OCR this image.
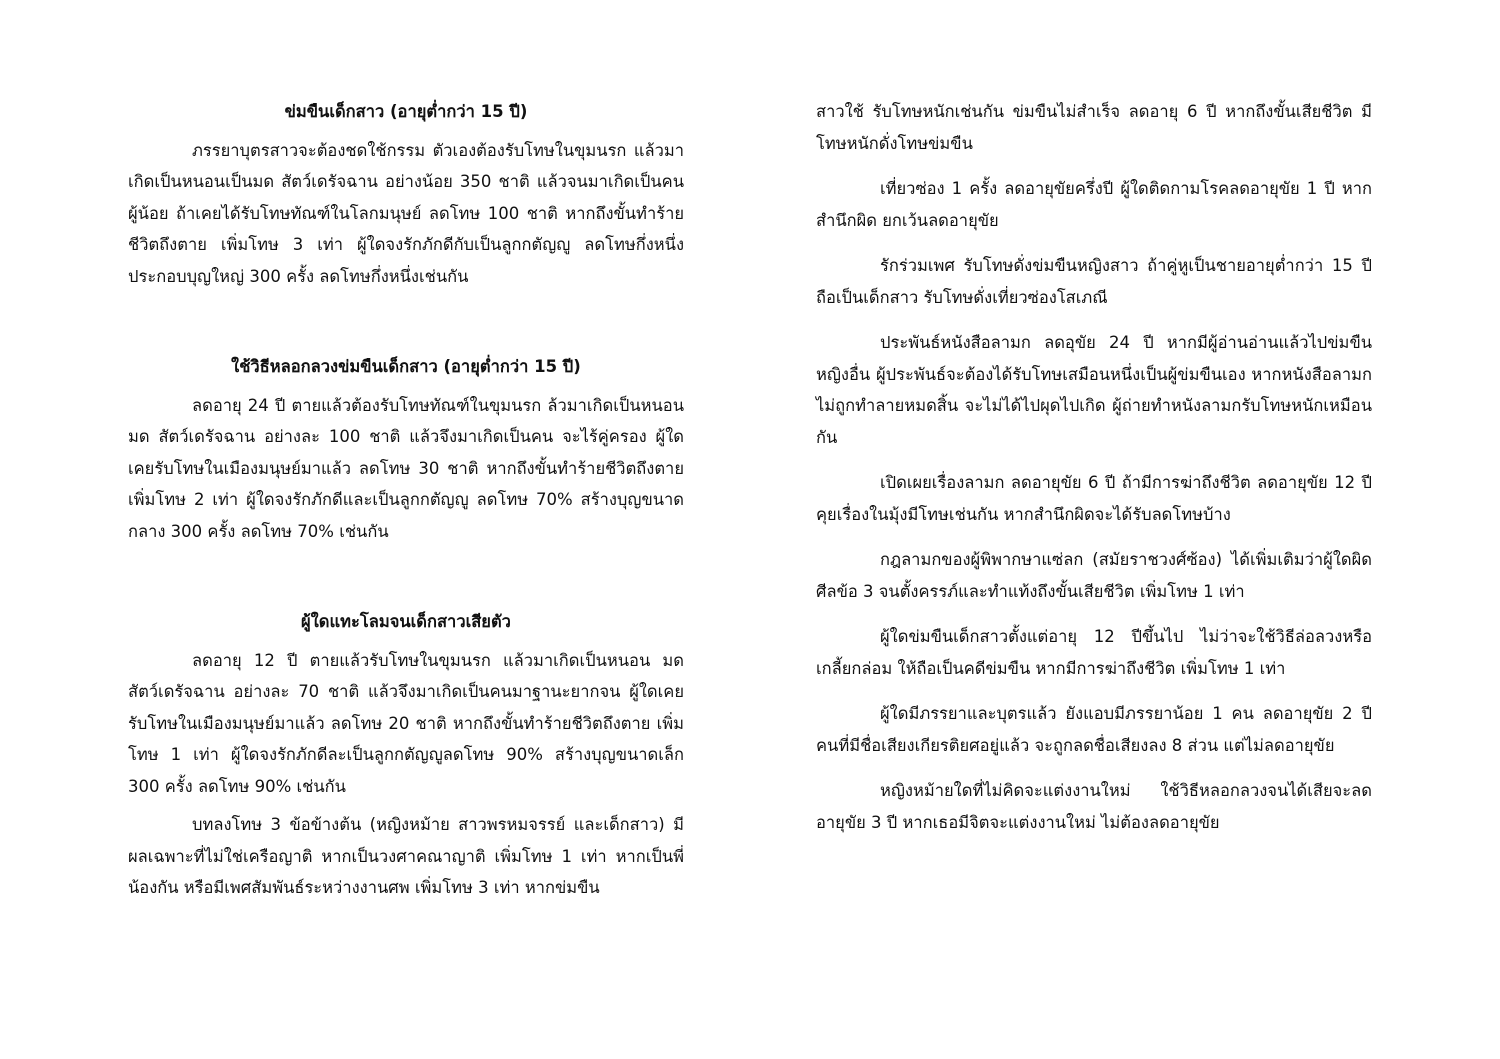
ข่มขืนเด็กสาว (อายุต่ำกว่า 15 ปี)
ภรรยาบุตรสาวจะต้องชดใช้กรรม ตัวเองต้องรับโทษในขุมนรก แล้วมาเกิดเป็นหนอนเป็นมด สัตว์เดรัจฉาน อย่างน้อย 350 ชาติ แล้วจนมาเกิดเป็นคนผู้น้อย ถ้าเคยได้รับโทษทัณฑ์ในโลกมนุษย์ ลดโทษ 100 ชาติ หากถึงขั้นทำร้ายชีวิตถึงตาย เพิ่มโทษ 3 เท่า ผู้ใดจงรักภักดีกับเป็นลูกกตัญญู ลดโทษกึ่งหนึ่ง ประกอบบุญใหญ่ 300 ครั้ง ลดโทษกึ่งหนึ่งเช่นกัน
ใช้วิธีหลอกลวงข่มขืนเด็กสาว (อายุต่ำกว่า 15 ปี)
ลดอายุ 24 ปี ตายแล้วต้องรับโทษทัณฑ์ในขุมนรก ล้วมาเกิดเป็นหนอน มด สัตว์เดรัจฉาน อย่างละ 100 ชาติ แล้วจึงมาเกิดเป็นคน จะไร้คู่ครอง ผู้ใดเคยรับโทษในเมืองมนุษย์มาแล้ว ลดโทษ 30 ชาติ หากถึงขั้นทำร้ายชีวิตถึงตาย เพิ่มโทษ 2 เท่า ผู้ใดจงรักภักดีและเป็นลูกกตัญญู ลดโทษ 70% สร้างบุญขนาดกลาง 300 ครั้ง ลดโทษ 70% เช่นกัน
ผู้ใดแทะโลมจนเด็กสาวเสียตัว
ลดอายุ 12 ปี ตายแล้วรับโทษในขุมนรก แล้วมาเกิดเป็นหนอน มด สัตว์เดรัจฉาน อย่างละ 70 ชาติ แล้วจึงมาเกิดเป็นคนมาฐานะยากจน ผู้ใดเคยรับโทษในเมืองมนุษย์มาแล้ว ลดโทษ 20 ชาติ หากถึงขั้นทำร้ายชีวิตถึงตาย เพิ่มโทษ 1 เท่า ผู้ใดจงรักภักดีละเป็นลูกกตัญญูลดโทษ 90% สร้างบุญขนาดเล็ก 300 ครั้ง ลดโทษ 90% เช่นกัน
บทลงโทษ 3 ข้อข้างต้น (หญิงหม้าย สาวพรหมจรรย์ และเด็กสาว) มีผลเฉพาะที่ไม่ใช่เครือญาติ หากเป็นวงศาคณาญาติ เพิ่มโทษ 1 เท่า หากเป็นพี่น้องกัน หรือมีเพศสัมพันธ์ระหว่างงานศพ เพิ่มโทษ 3 เท่า หากข่มขืน
สาวใช้ รับโทษหนักเช่นกัน ข่มขืนไม่สำเร็จ ลดอายุ 6 ปี หากถึงขั้นเสียชีวิต มีโทษหนักดั่งโทษข่มขืน
เที่ยวซ่อง 1 ครั้ง ลดอายุขัยครึ่งปี ผู้ใดติดกามโรคลดอายุขัย 1 ปี หากสำนึกผิด ยกเว้นลดอายุขัย
รักร่วมเพศ รับโทษดั่งข่มขืนหญิงสาว ถ้าคู่หูเป็นชายอายุต่ำกว่า 15 ปี ถือเป็นเด็กสาว รับโทษดั่งเที่ยวซ่องโสเภณี
ประพันธ์หนังสือลามก ลดอุขัย 24 ปี หากมีผู้อ่านอ่านแล้วไปข่มขืนหญิงอื่น ผู้ประพันธ์จะต้องได้รับโทษเสมือนหนึ่งเป็นผู้ข่มขืนเอง หากหนังสือลามกไม่ถูกทำลายหมดสิ้น จะไม่ได้ไปผุดไปเกิด ผู้ถ่ายทำหนังลามกรับโทษหนักเหมือนกัน
เปิดเผยเรื่องลามก ลดอายุขัย 6 ปี ถ้ามีการฆ่าถึงชีวิต ลดอายุขัย 12 ปี คุยเรื่องในมุ้งมีโทษเช่นกัน หากสำนึกผิดจะได้รับลดโทษบ้าง
กฎลามกของผู้พิพากษาแซ่ลก (สมัยราชวงศ์ซ้อง) ได้เพิ่มเติมว่าผู้ใดผิดศีลข้อ 3 จนตั้งครรภ์และทำแท้งถึงขั้นเสียชีวิต เพิ่มโทษ 1 เท่า
ผู้ใดข่มขืนเด็กสาวตั้งแต่อายุ 12 ปีขึ้นไป ไม่ว่าจะใช้วิธีล่อลวงหรือเกลี้ยกล่อม ให้ถือเป็นคดีข่มขืน หากมีการฆ่าถึงชีวิต เพิ่มโทษ 1 เท่า
ผู้ใดมีภรรยาและบุตรแล้ว ยังแอบมีภรรยาน้อย 1 คน ลดอายุขัย 2 ปีคนที่มีชื่อเสียงเกียรติยศอยู่แล้ว จะถูกลดชื่อเสียงลง 8 ส่วน แต่ไม่ลดอายุขัย
หญิงหม้ายใดที่ไม่คิดจะแต่งงานใหม่ ใช้วิธีหลอกลวงจนได้เสียจะลดอายุขัย 3 ปี หากเธอมีจิตจะแต่งงานใหม่ ไม่ต้องลดอายุขัย
